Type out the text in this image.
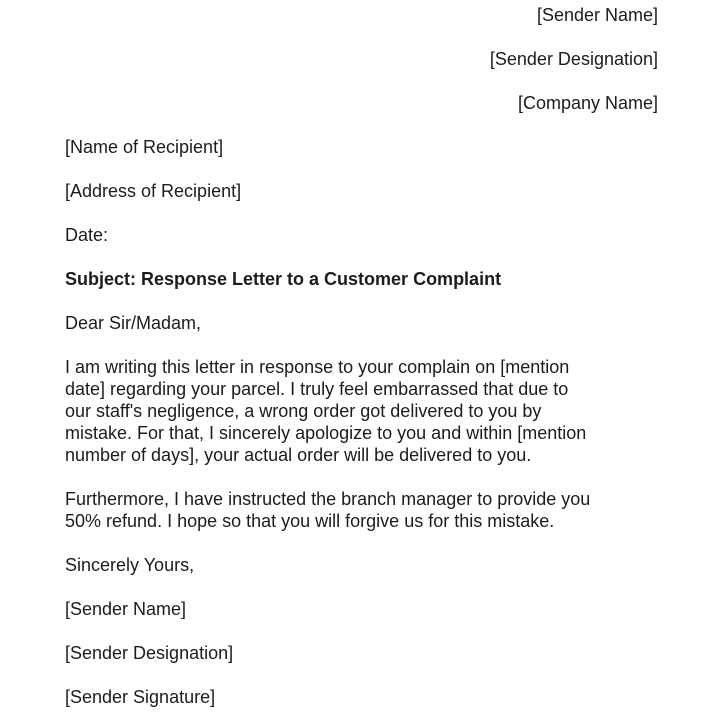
[Sender Name]
[Sender Designation]
[Company Name]
[Name of Recipient]
[Address of Recipient]
Date:
Subject: Response Letter to a Customer Complaint
Dear Sir/Madam,
I am writing this letter in response to your complain on [mention
date] regarding your parcel. I truly feel embarrassed that due to
our staff's negligence, a wrong order got delivered to you by
mistake. For that, I sincerely apologize to you and within [mention
number of days], your actual order will be delivered to you.
Furthermore, I have instructed the branch manager to provide you
50% refund. I hope so that you will forgive us for this mistake.
Sincerely Yours,
[Sender Name]
[Sender Designation]
[Sender Signature]
